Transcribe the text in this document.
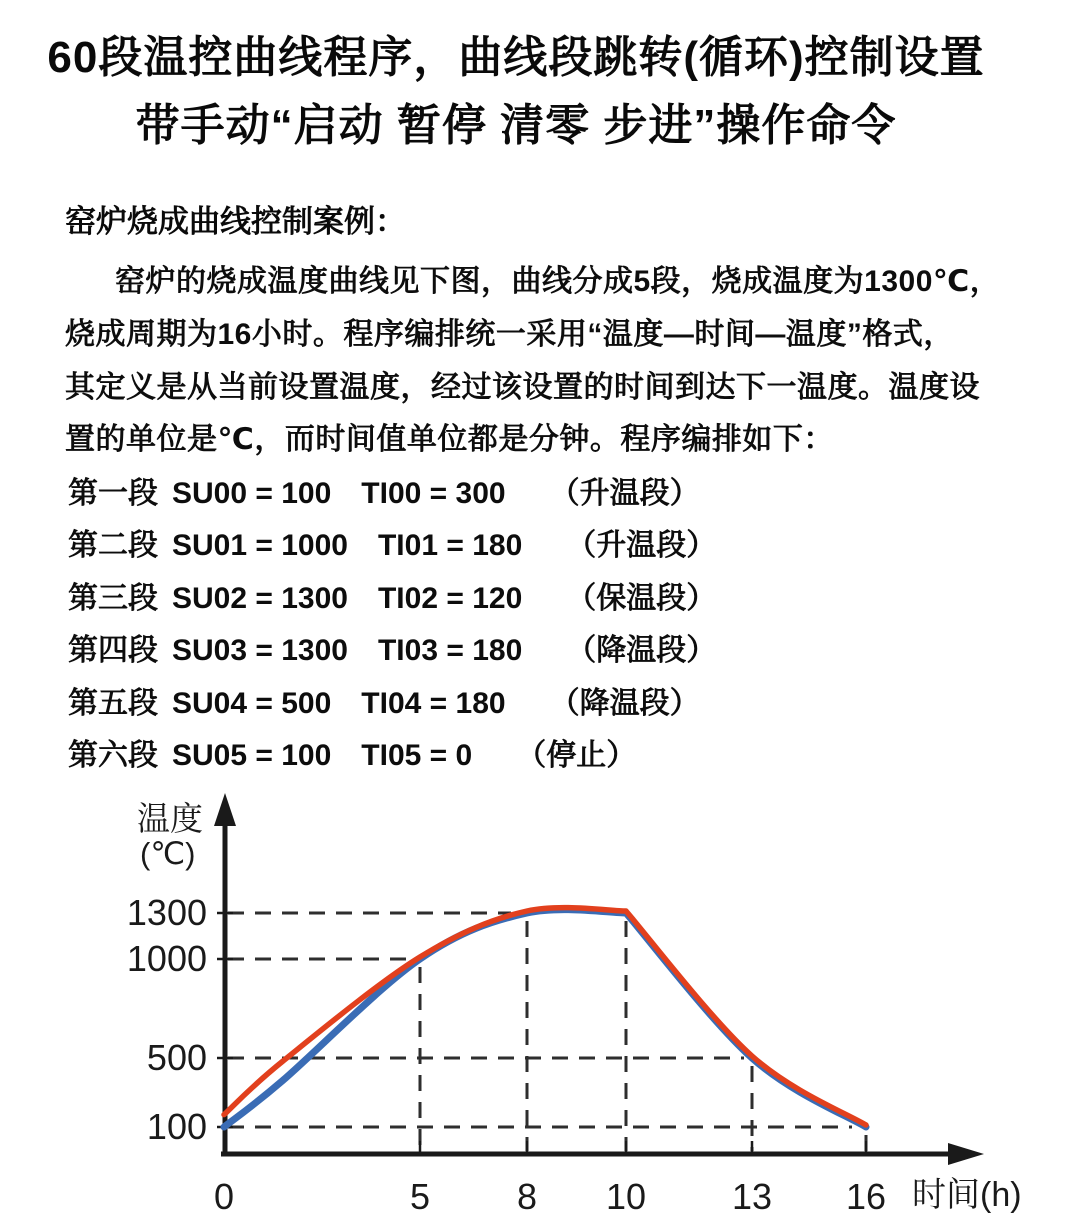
60段温控曲线程序，曲线段跳转(循环)控制设置
带手动“启动 暂停 清零 步进”操作命令
窑炉烧成曲线控制案例：
窑炉的烧成温度曲线见下图，曲线分成5段，烧成温度为1300℃，
烧成周期为16小时。程序编排统一采用“温度—时间—温度”格式，
其定义是从当前设置温度，经过该设置的时间到达下一温度。温度设
置的单位是℃，而时间值单位都是分钟。程序编排如下：
第一段 SU00 = 100 TI00 = 300 （升温段）
第二段 SU01 = 1000 TI01 = 180 （升温段）
第三段 SU02 = 1300 TI02 = 120 （保温段）
第四段 SU03 = 1300 TI03 = 180 （降温段）
第五段 SU04 = 500 TI04 = 180 （降温段）
第六段 SU05 = 100 TI05 = 0 （停止）
100
500
1000
1300
0	5 8 10 13 16
温度
(℃)
时间(h)
